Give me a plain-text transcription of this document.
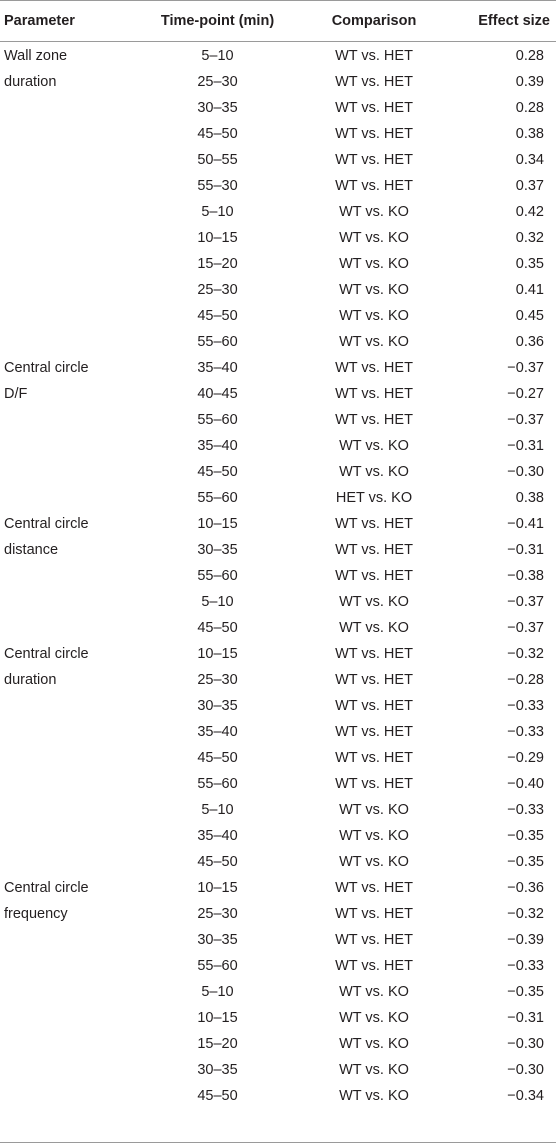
Parameter	Time-point (min)	Comparison	Effect size
Wall zone	5–10	WT vs. HET	0.28
duration	25–30	WT vs. HET	0.39
	30–35	WT vs. HET	0.28
	45–50	WT vs. HET	0.38
	50–55	WT vs. HET	0.34
	55–30	WT vs. HET	0.37
	5–10	WT vs. KO	0.42
	10–15	WT vs. KO	0.32
	15–20	WT vs. KO	0.35
	25–30	WT vs. KO	0.41
	45–50	WT vs. KO	0.45
	55–60	WT vs. KO	0.36
Central circle	35–40	WT vs. HET	−0.37
D/F	40–45	WT vs. HET	−0.27
	55–60	WT vs. HET	−0.37
	35–40	WT vs. KO	−0.31
	45–50	WT vs. KO	−0.30
	55–60	HET vs. KO	0.38
Central circle	10–15	WT vs. HET	−0.41
distance	30–35	WT vs. HET	−0.31
	55–60	WT vs. HET	−0.38
	5–10	WT vs. KO	−0.37
	45–50	WT vs. KO	−0.37
Central circle	10–15	WT vs. HET	−0.32
duration	25–30	WT vs. HET	−0.28
	30–35	WT vs. HET	−0.33
	35–40	WT vs. HET	−0.33
	45–50	WT vs. HET	−0.29
	55–60	WT vs. HET	−0.40
	5–10	WT vs. KO	−0.33
	35–40	WT vs. KO	−0.35
	45–50	WT vs. KO	−0.35
Central circle	10–15	WT vs. HET	−0.36
frequency	25–30	WT vs. HET	−0.32
	30–35	WT vs. HET	−0.39
	55–60	WT vs. HET	−0.33
	5–10	WT vs. KO	−0.35
	10–15	WT vs. KO	−0.31
	15–20	WT vs. KO	−0.30
	30–35	WT vs. KO	−0.30
	45–50	WT vs. KO	−0.34
